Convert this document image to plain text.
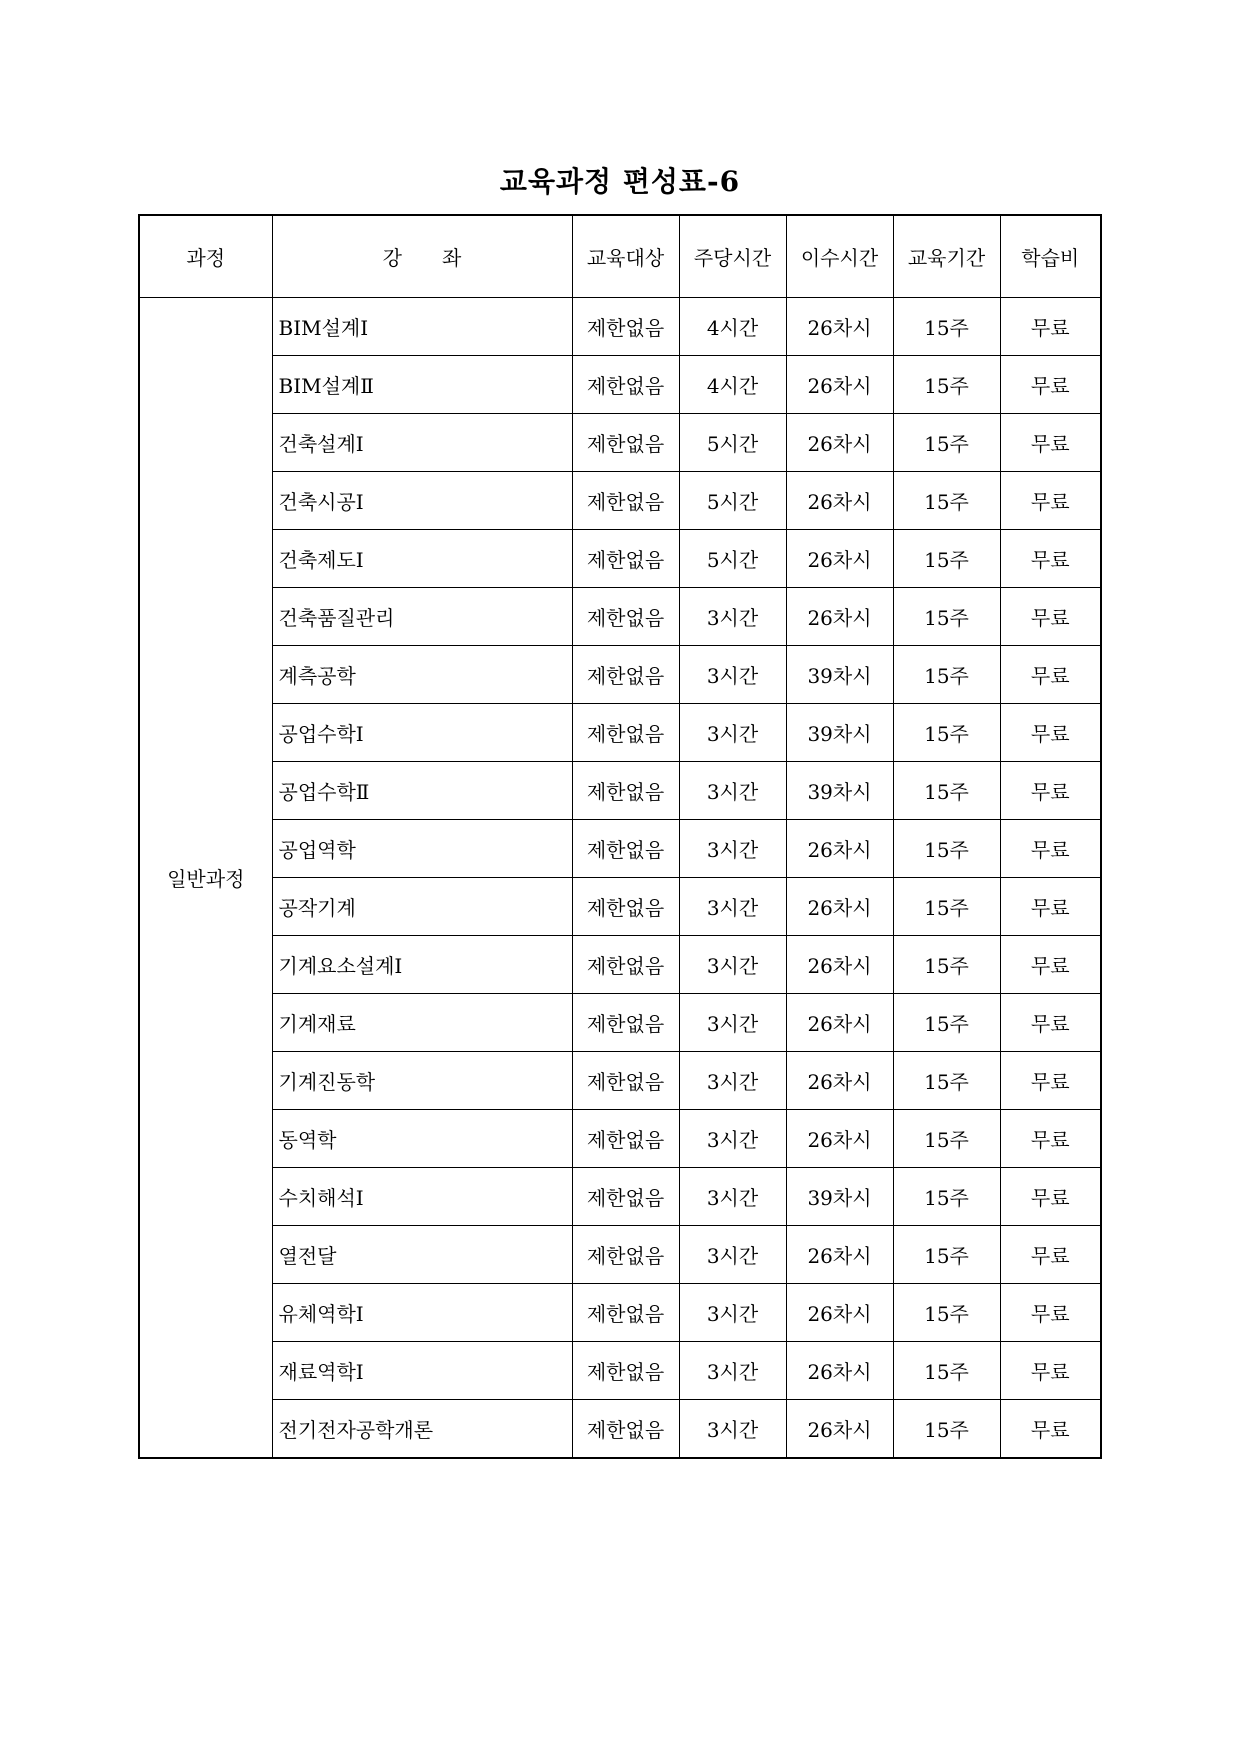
교육과정 편성표-6
과정	강　　좌	교육대상	주당시간	이수시간	교육기간	학습비
일반과정	BIM설계Ⅰ	제한없음	4시간	26차시	15주	무료
	BIM설계Ⅱ	제한없음	4시간	26차시	15주	무료
	건축설계Ⅰ	제한없음	5시간	26차시	15주	무료
	건축시공Ⅰ	제한없음	5시간	26차시	15주	무료
	건축제도Ⅰ	제한없음	5시간	26차시	15주	무료
	건축품질관리	제한없음	3시간	26차시	15주	무료
	계측공학	제한없음	3시간	39차시	15주	무료
	공업수학Ⅰ	제한없음	3시간	39차시	15주	무료
	공업수학Ⅱ	제한없음	3시간	39차시	15주	무료
	공업역학	제한없음	3시간	26차시	15주	무료
	공작기계	제한없음	3시간	26차시	15주	무료
	기계요소설계Ⅰ	제한없음	3시간	26차시	15주	무료
	기계재료	제한없음	3시간	26차시	15주	무료
	기계진동학	제한없음	3시간	26차시	15주	무료
	동역학	제한없음	3시간	26차시	15주	무료
	수치해석Ⅰ	제한없음	3시간	39차시	15주	무료
	열전달	제한없음	3시간	26차시	15주	무료
	유체역학Ⅰ	제한없음	3시간	26차시	15주	무료
	재료역학Ⅰ	제한없음	3시간	26차시	15주	무료
	전기전자공학개론	제한없음	3시간	26차시	15주	무료
